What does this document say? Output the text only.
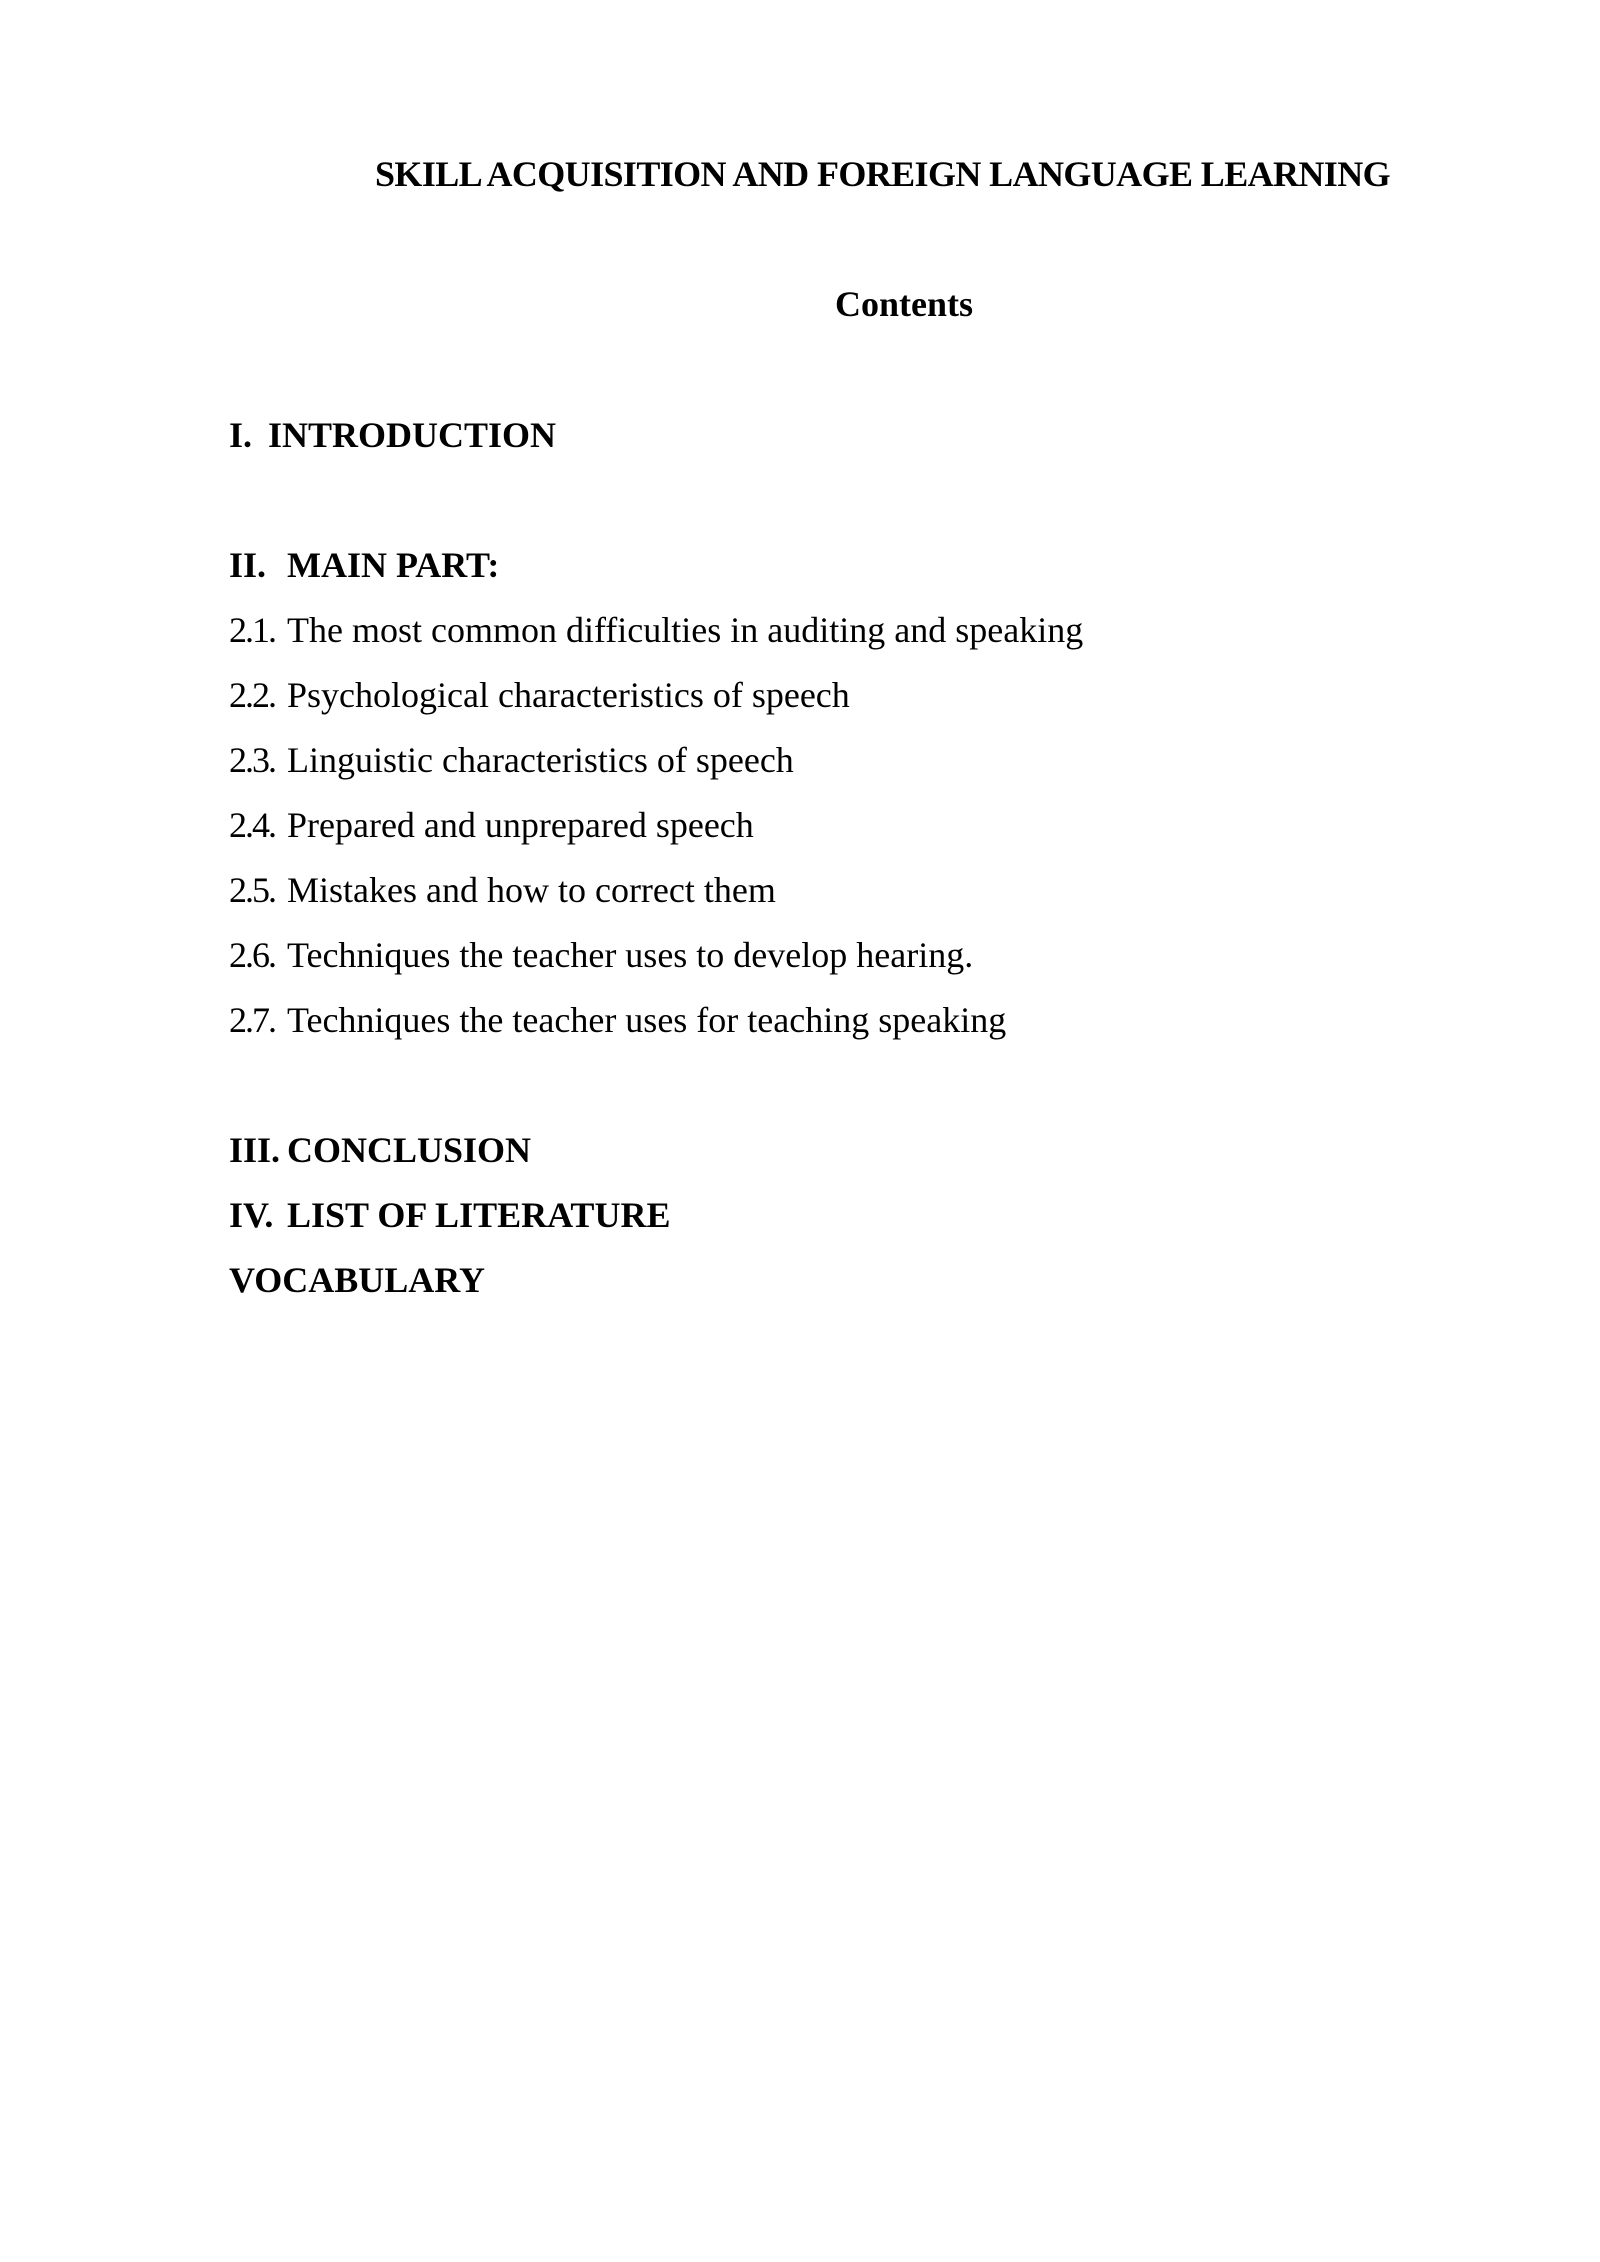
SKILL ACQUISITION AND FOREIGN LANGUAGE LEARNING
Contents
I. INTRODUCTION
II. MAIN PART:
2.1. The most common difficulties in auditing and speaking
2.2. Psychological characteristics of speech
2.3. Linguistic characteristics of speech
2.4. Prepared and unprepared speech
2.5. Mistakes and how to correct them
2.6. Techniques the teacher uses to develop hearing.
2.7. Techniques the teacher uses for teaching speaking
III. CONCLUSION
IV. LIST OF LITERATURE
VOCABULARY
